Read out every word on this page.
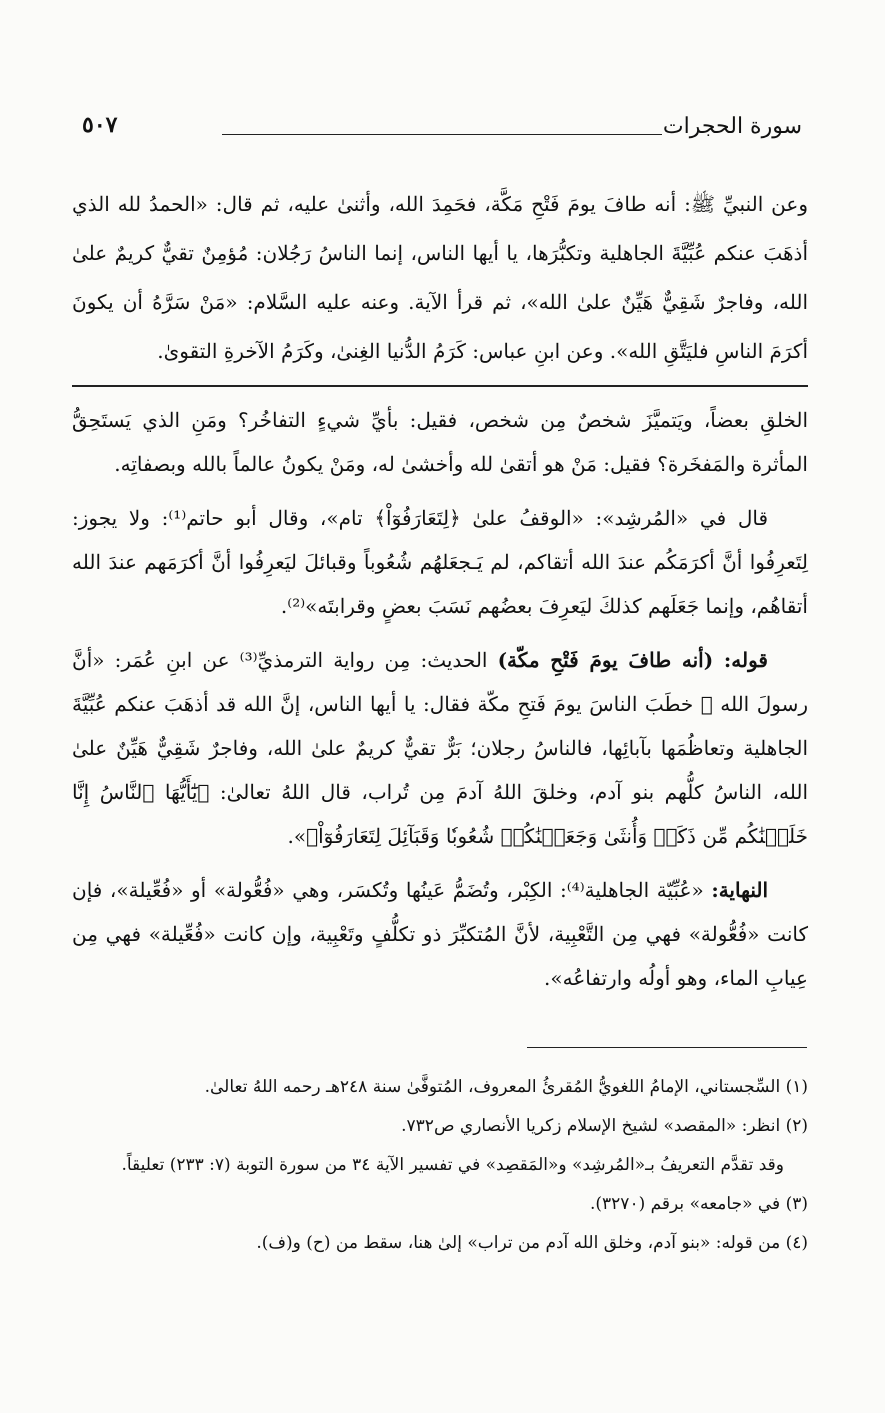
٥٠٧	سورة الحجرات
وعن النبيِّ ﷺ: أنه طافَ يومَ فَتْحِ مَكَّة، فحَمِدَ الله، وأثنىٰ عليه، ثم قال: «الحمدُ لله الذي أذهَبَ عنكم عُبِّيَّةَ الجاهلية وتكبُّرَها، يا أيها الناس، إنما الناسُ رَجُلان: مُؤمِنٌ تقيٌّ كريمٌ علىٰ الله، وفاجرٌ شَقِيٌّ هَيِّنٌ علىٰ الله»، ثم قرأ الآية. وعنه عليه السَّلام: «مَنْ سَرَّهُ أن يكونَ أكرَمَ الناسِ فليَتَّقِ الله». وعن ابنِ عباس: كَرَمُ الدُّنيا الغِنىٰ، وكَرَمُ الآخرةِ التقوىٰ.

الخلقِ بعضاً، ويَتميَّزَ شخصٌ مِن شخص، فقيل: بأيِّ شيءٍ التفاخُر؟ ومَنِ الذي يَستَحِقُّ المأثرة والمَفخَرة؟ فقيل: مَنْ هو أتقىٰ لله وأخشىٰ له، ومَنْ يكونُ عالماً بالله وبصفاتِه.

قال في «المُرشِد»: «الوقفُ علىٰ ﴿لِتَعَارَفُوٓاْ﴾ تام»، وقال أبو حاتم⁽¹⁾: ولا يجوز: لِتَعرِفُوا أنَّ أكرَمَكُم عندَ الله أتقاكم، لم يَـجعَلهُم شُعُوباً وقبائلَ ليَعرِفُوا أنَّ أكرَمَهم عندَ الله أتقاهُم، وإنما جَعَلَهم كذلكَ ليَعرِفَ بعضُهم نَسَبَ بعضٍ وقرابتَه»⁽²⁾.

قوله: (أنه طافَ يومَ فَتْحِ مكّة) الحديث: مِن رواية الترمذيِّ⁽³⁾ عن ابنِ عُمَر: «أنَّ رسولَ الله ﷺ خطَبَ الناسَ يومَ فَتحِ مكّة فقال: يا أيها الناس، إنَّ الله قد أذهَبَ عنكم عُبِّيَّةَ الجاهلية وتعاظُمَها بآبائِها، فالناسُ رجلان؛ بَرٌّ تقيٌّ كريمٌ علىٰ الله، وفاجرٌ شَقِيٌّ هَيِّنٌ علىٰ الله، الناسُ كلُّهم بنو آدم، وخلقَ اللهُ آدمَ مِن تُراب، قال اللهُ تعالىٰ: ﴿يَٰٓأَيُّهَا ٱلنَّاسُ إِنَّا خَلَقۡنَٰكُم مِّن ذَكَرٖ وَأُنثَىٰ وَجَعَلۡنَٰكُمۡ شُعُوبٗا وَقَبَآئِلَ لِتَعَارَفُوٓاْ﴾».

النهاية: «عُبِّيّة الجاهلية⁽⁴⁾: الكِبْر، وتُضَمُّ عَينُها وتُكسَر، وهي «فُعُّولة» أو «فُعِّيلة»، فإن كانت «فُعُّولة» فهي مِن التَّعْبِية، لأنَّ المُتكبِّرَ ذو تكلُّفٍ وتَعْبِية، وإن كانت «فُعِّيلة» فهي مِن عِيابِ الماء، وهو أولُه وارتفاعُه».

(١) السِّجستاني، الإمامُ اللغويُّ المُقرئُ المعروف، المُتوفَّىٰ سنة ٢٤٨هـ رحمه اللهُ تعالىٰ.
(٢) انظر: «المقصد» لشيخ الإسلام زكريا الأنصاري ص٧٣٢.
وقد تقدَّم التعريفُ بـ«المُرشِد» و«المَقصِد» في تفسير الآية ٣٤ من سورة التوبة (٧: ٢٣٣) تعليقاً.
(٣) في «جامعه» برقم (٣٢٧٠).
(٤) من قوله: «بنو آدم، وخلق الله آدم من تراب» إلىٰ هنا، سقط من (ح) و(ف).
